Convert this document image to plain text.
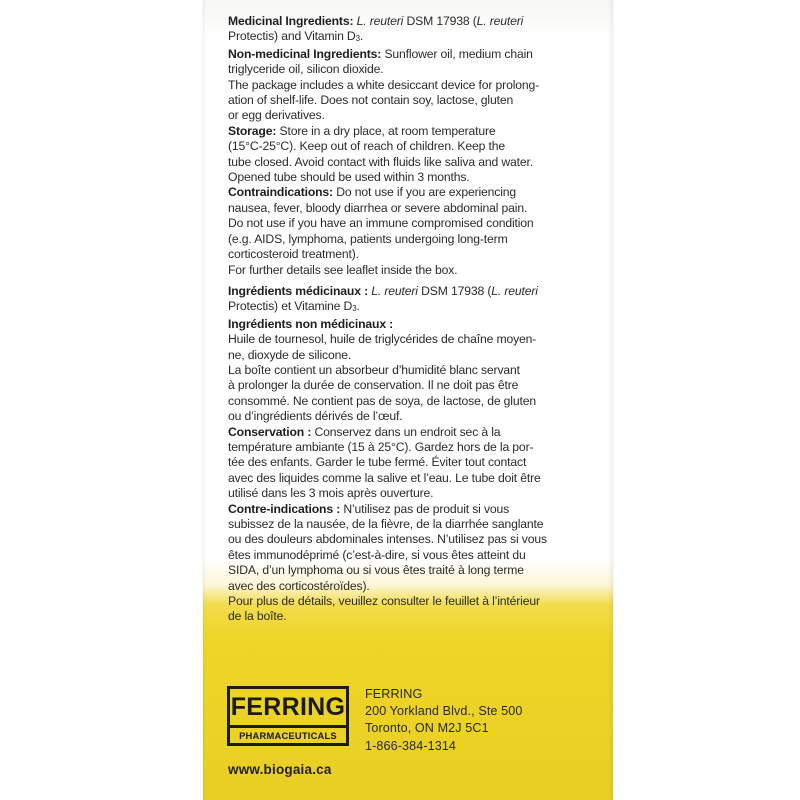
Medicinal Ingredients: L. reuteri DSM 17938 (L. reuteri

Protectis) and Vitamin D3.

Non-medicinal Ingredients: Sunflower oil, medium chain

triglyceride oil, silicon dioxide.

The package includes a white desiccant device for prolong-

ation of shelf-life. Does not contain soy, lactose, gluten

or egg derivatives.

Storage: Store in a dry place, at room temperature

(15°C-25°C). Keep out of reach of children. Keep the

tube closed. Avoid contact with fluids like saliva and water.

Opened tube should be used within 3 months.

Contraindications: Do not use if you are experiencing

nausea, fever, bloody diarrhea or severe abdominal pain.

Do not use if you have an immune compromised condition

(e.g. AIDS, lymphoma, patients undergoing long-term

corticosteroid treatment).

For further details see leaflet inside the box.

Ingrédients médicinaux : L. reuteri DSM 17938 (L. reuteri

Protectis) et Vitamine D3.

Ingrédients non médicinaux :

Huile de tournesol, huile de triglycérides de chaîne moyen-

ne, dioxyde de silicone.

La boîte contient un absorbeur d’humidité blanc servant

à prolonger la durée de conservation. Il ne doit pas être

consommé. Ne contient pas de soya, de lactose, de gluten

ou d’ingrédients dérivés de l’œuf.

Conservation : Conservez dans un endroit sec à la

température ambiante (15 à 25°C). Gardez hors de la por-

tée des enfants. Garder le tube fermé. Éviter tout contact

avec des liquides comme la salive et l’eau. Le tube doit être

utilisé dans les 3 mois après ouverture.

Contre-indications : N’utilisez pas de produit si vous

subissez de la nausée, de la fièvre, de la diarrhée sanglante

ou des douleurs abdominales intenses. N’utilisez pas si vous

êtes immunodéprimé (c’est-à-dire, si vous êtes atteint du

SIDA, d’un lymphoma ou si vous êtes traité à long terme

avec des corticostéroïdes).

Pour plus de détails, veuillez consulter le feuillet à l’intérieur

de la boîte.

FERRING
PHARMACEUTICALS
FERRING
200 Yorkland Blvd., Ste 500
Toronto, ON M2J 5C1
1-866-384-1314
www.biogaia.ca
